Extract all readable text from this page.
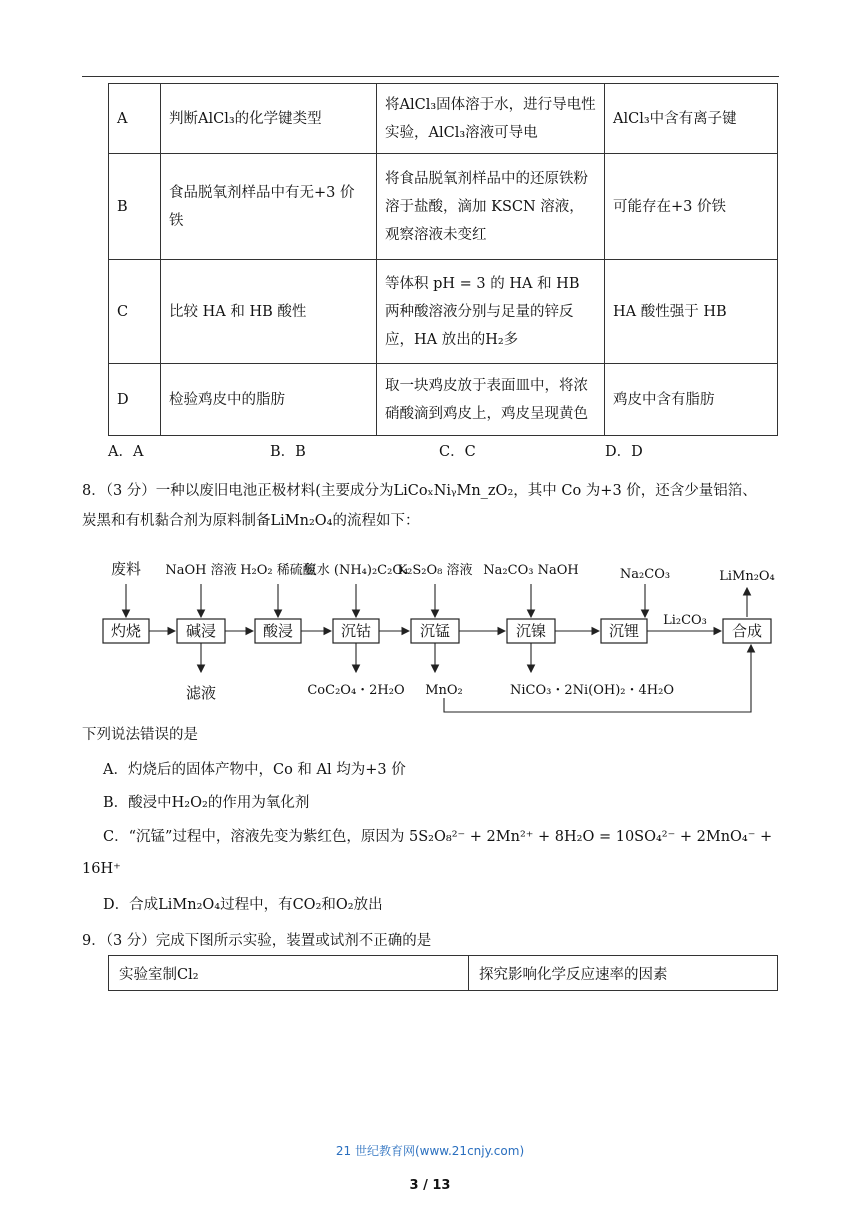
A	判断AlCl₃的化学键类型	将AlCl₃固体溶于水，进行导电性实验，AlCl₃溶液可导电	AlCl₃中含有离子键
B	食品脱氧剂样品中有无+3 价铁	将食品脱氧剂样品中的还原铁粉溶于盐酸，滴加 KSCN 溶液，观察溶液未变红	可能存在+3 价铁
C	比较 HA 和 HB 酸性	等体积 pH = 3 的 HA 和 HB 两种酸溶液分别与足量的锌反应，HA 放出的H₂多	HA 酸性强于 HB
D	检验鸡皮中的脂肪	取一块鸡皮放于表面皿中，将浓硝酸滴到鸡皮上，鸡皮呈现黄色	鸡皮中含有脂肪
A．A	B．B	C．C	D．D
8．（3 分）一种以废旧电池正极材料(主要成分为LiCoₓNiᵧMn_zO₂，其中 Co 为+3 价，还含少量铝箔、
炭黑和有机黏合剂为原料制备LiMn₂O₄的流程如下：
灼烧	碱浸	酸浸	沉钴	沉锰	沉镍	沉锂	合成
废料 NaOH 溶液 H₂O₂ 稀硫酸
氨水 (NH₄)₂C₂O₄
K₂S₂O₈ 溶液 Na₂CO₃ NaOH	Na₂CO₃
Li₂CO₃
LiMn₂O₄
滤液	CoC₂O₄・2H₂O MnO₂	NiCO₃・2Ni(OH)₂・4H₂O
下列说法错误的是
A．灼烧后的固体产物中，Co 和 Al 均为+3 价
B．酸浸中H₂O₂的作用为氧化剂
C．“沉锰”过程中，溶液先变为紫红色，原因为 5S₂O₈²⁻ + 2Mn²⁺ + 8H₂O = 10SO₄²⁻ + 2MnO₄⁻ +
16H⁺
D．合成LiMn₂O₄过程中，有CO₂和O₂放出
9．（3 分）完成下图所示实验，装置或试剂不正确的是
实验室制Cl₂	探究影响化学反应速率的因素
21 世纪教育网(www.21cnjy.com)
3 / 13
